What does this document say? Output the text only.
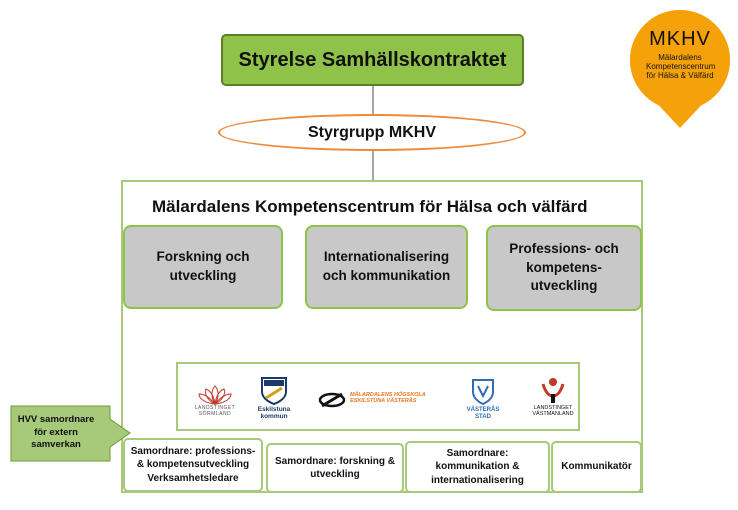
Styrelse Samhällskontraktet
Styrgrupp MKHV
Mälardalens Kompetenscentrum för Hälsa och välfärd
Forskning och utveckling
Internationalisering och kommunikation
Professions- och kompetens-utveckling
LANDSTINGET SÖRMLAND
Eskilstuna kommun
MÄLARDALENS HÖGSKOLA ESKILSTUNA VÄSTERÅS
VÄSTERÅS STAD
LANDSTINGET VÄSTMANLAND
Samordnare: professions- & kompetensutveckling
Verksamhetsledare
Samordnare: forskning & utveckling
Samordnare: kommunikation & internationalisering
Kommunikatör
HVV samordnare för extern samverkan
MKHV
Mälardalens Kompetenscentrum för Hälsa & Välfärd
